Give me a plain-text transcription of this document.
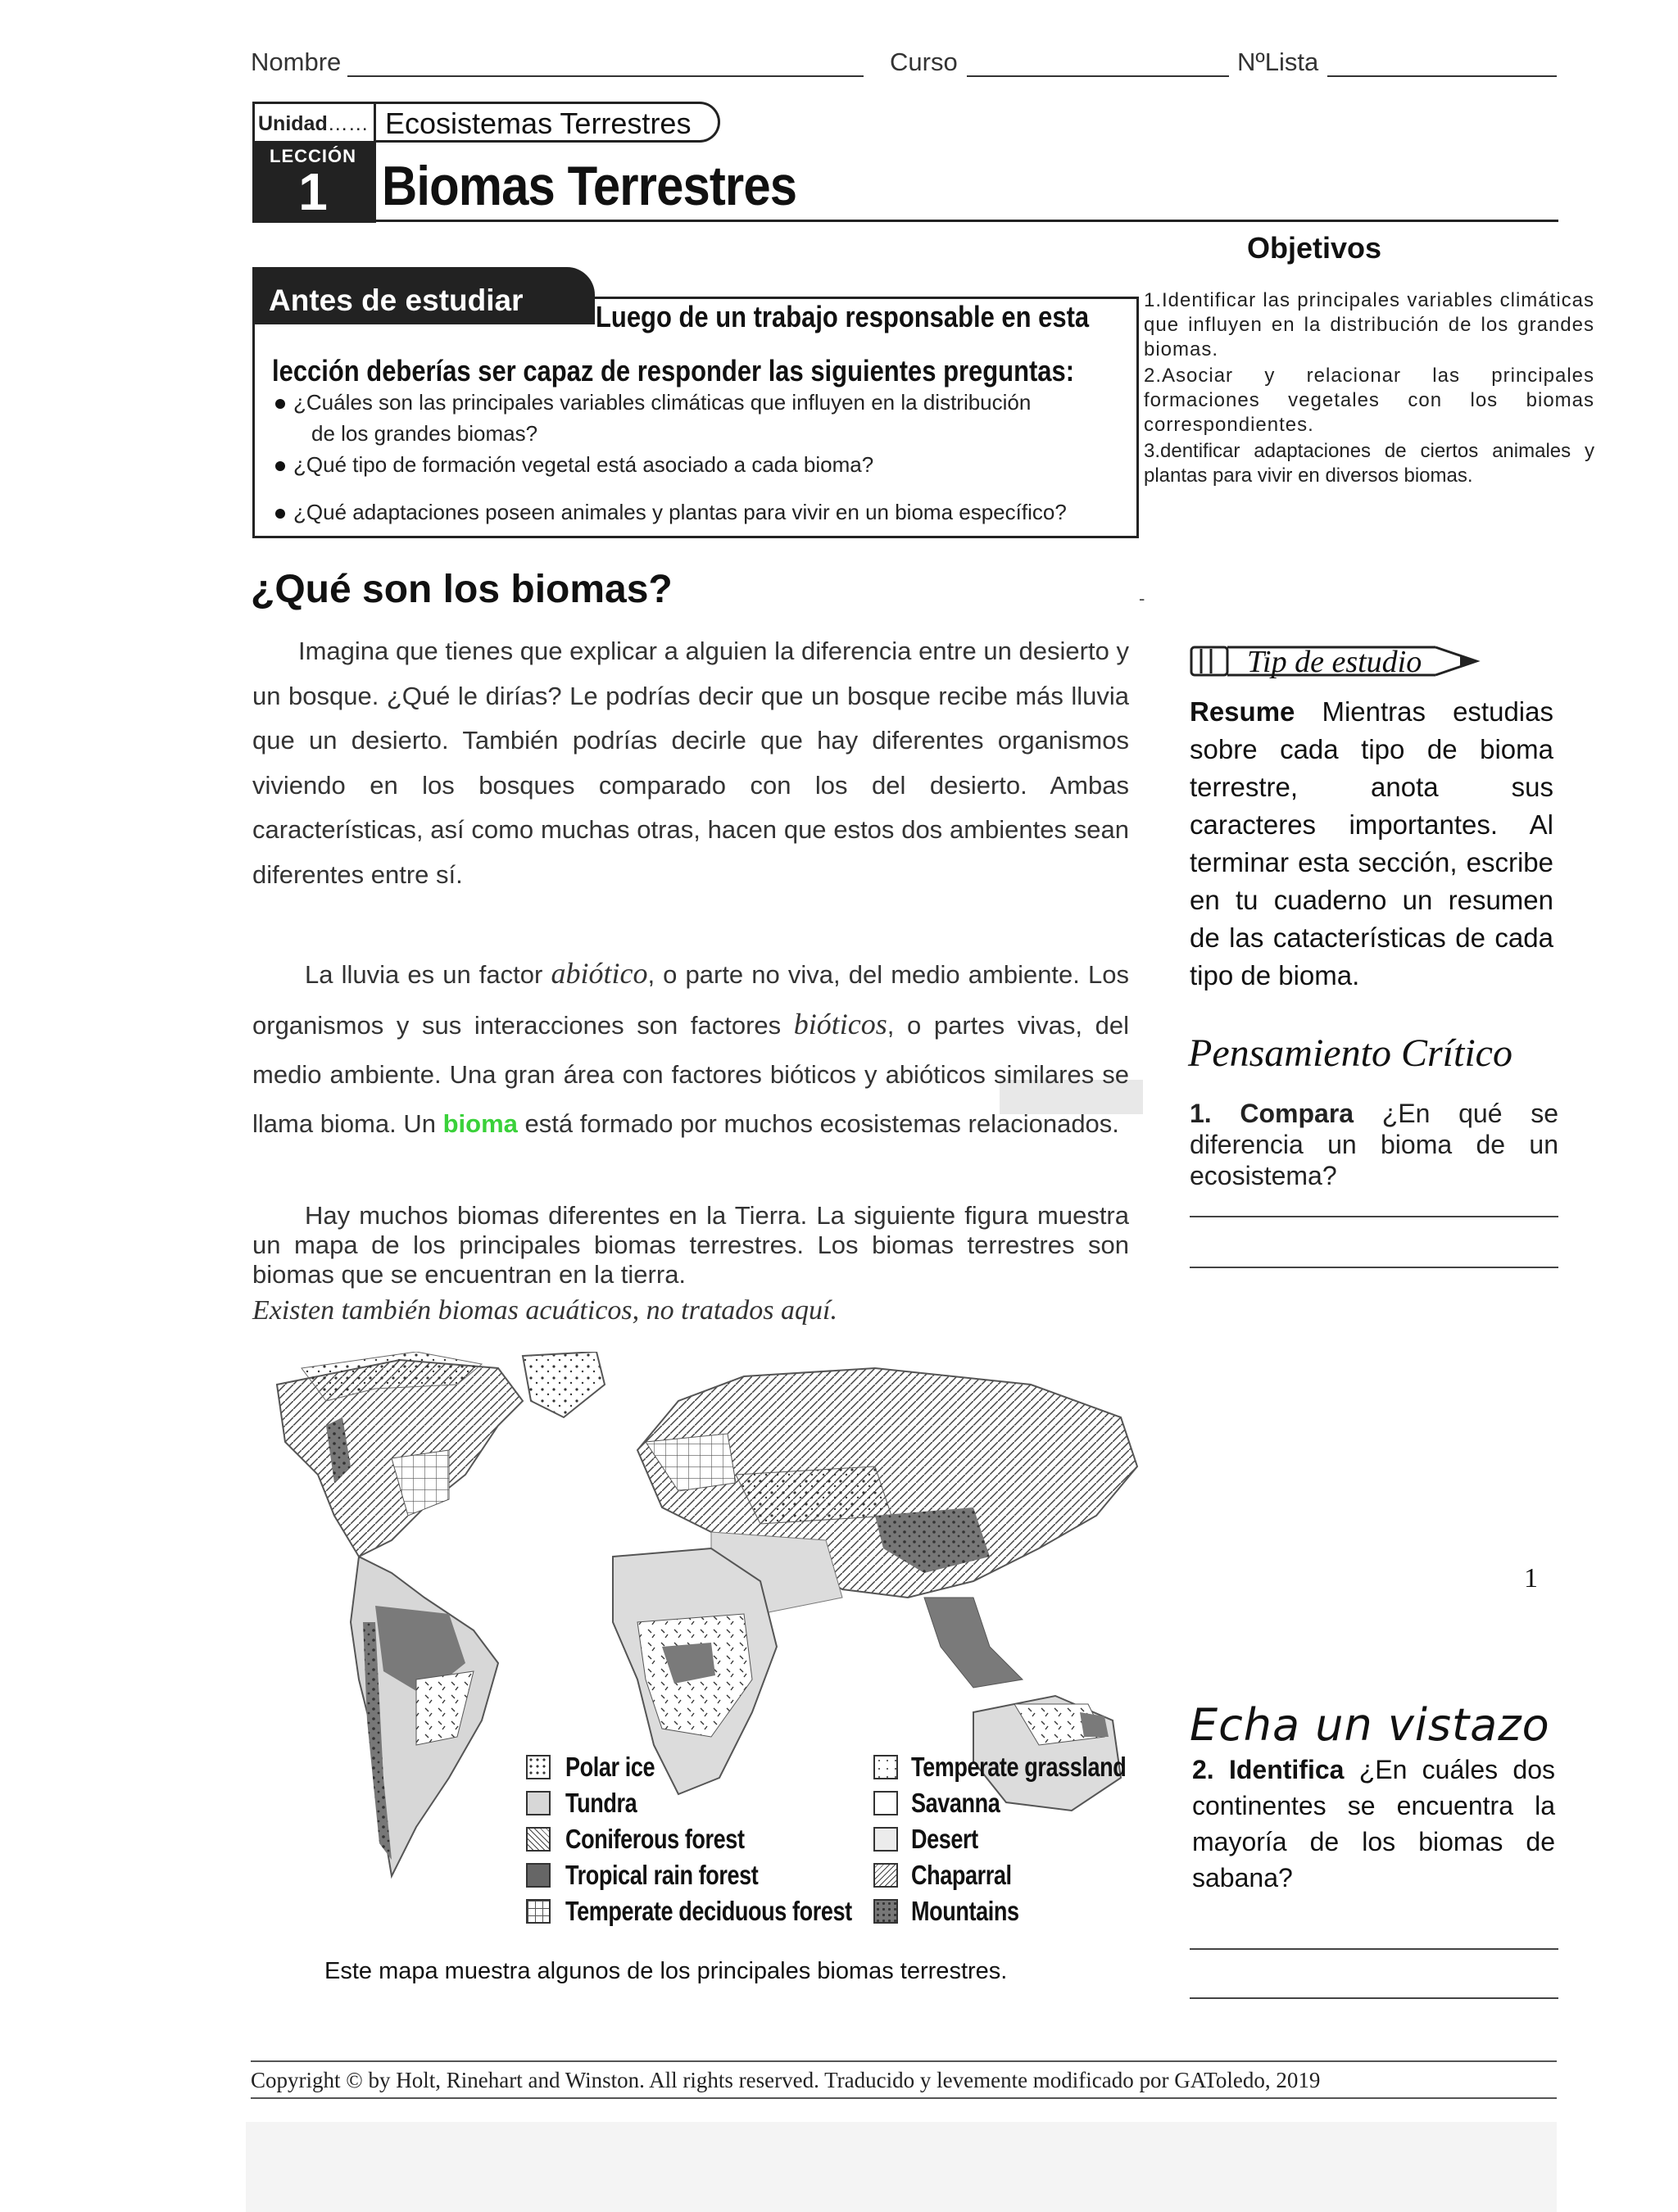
Nombre	Curso	NºLista
Unidad……
LECCIÓN
1
Ecosistemas Terrestres
Biomas Terrestres
Objetivos

1.Identificar las principales variables climáticas que influyen en la distribución de los grandes biomas.

2.Asociar y relacionar las principales formaciones vegetales con los biomas correspondientes.

3.dentificar adaptaciones de ciertos animales y plantas para vivir en diversos biomas.

Antes de estudiar	Luego de un trabajo responsable en esta
lección deberías ser capaz de responder las siguientes preguntas:
¿Cuáles son las principales variables climáticas que influyen en la distribución
de los grandes biomas?
¿Qué tipo de formación vegetal está asociado a cada bioma?
¿Qué adaptaciones poseen animales y plantas para vivir en un bioma específico?
¿Qué son los biomas?	-

Imagina que tienes que explicar a alguien la diferencia entre un desierto y un bosque. ¿Qué le dirías? Le podrías decir que un bosque recibe más lluvia que un desierto. También podrías decirle que hay diferentes organismos viviendo en los bosques comparado con los del desierto. Ambas características, así como muchas otras, hacen que estos dos ambientes sean diferentes entre sí.

La lluvia es un factor abiótico, o parte no viva, del medio ambiente. Los organismos y sus interacciones son factores bióticos, o partes vivas, del medio ambiente. Una gran área con factores bióticos y abióticos similares se llama bioma. Un bioma está formado por muchos ecosistemas relacionados.

Hay muchos biomas diferentes en la Tierra. La siguiente figura muestra un mapa de los principales biomas terrestres. Los biomas terrestres son biomas que se encuentran en la tierra.

Existen también biomas acuáticos, no tratados aquí.

Polar ice
Tundra
Coniferous forest
Tropical rain forest
Temperate deciduous forest
Temperate grassland
Savanna
Desert
Chaparral
Mountains
Este mapa muestra algunos de los principales biomas terrestres.
Tip de estudio
Resume Mientras estudias sobre cada tipo de bioma terrestre, anota sus caracteres importantes. Al terminar esta sección, escribe en tu cuaderno un resumen de las catacterísticas de cada tipo de bioma.
Pensamiento Crítico
1. Compara ¿En qué se diferencia un bioma de un ecosistema?
1
Echa un vistazo
2. Identifica ¿En cuáles dos continentes se encuentra la mayoría de los biomas de sabana?
Copyright © by Holt, Rinehart and Winston. All rights reserved. Traducido y levemente modificado por GAToledo, 2019
